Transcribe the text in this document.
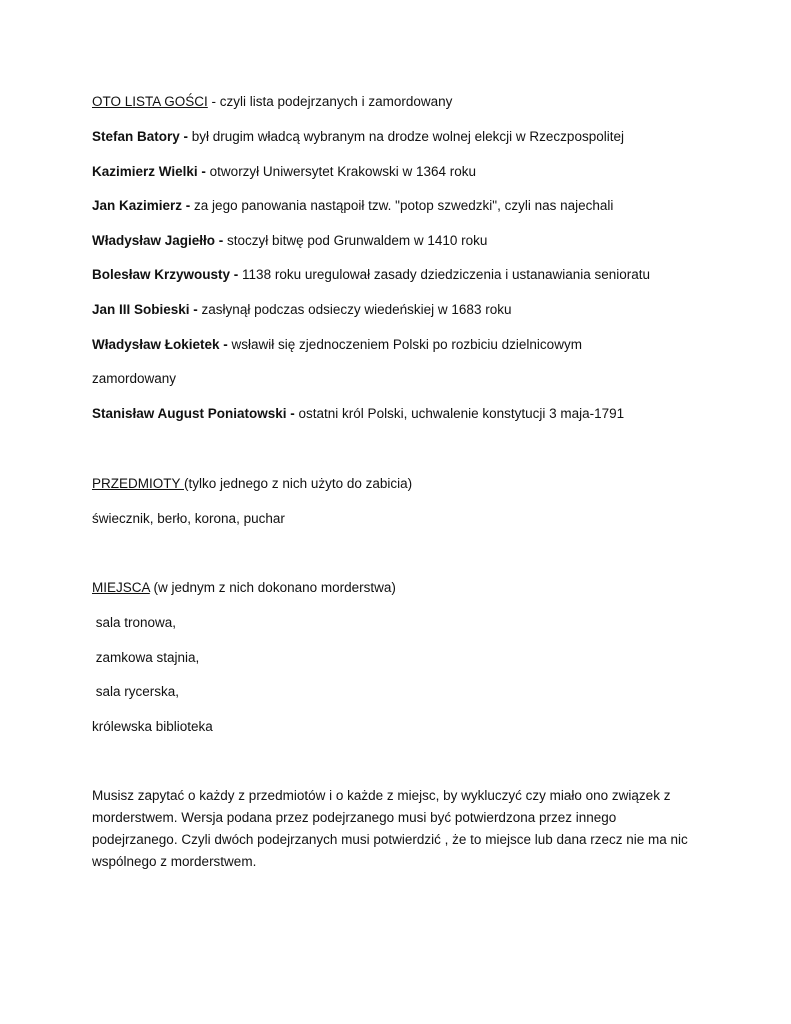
OTO LISTA GOŚCI - czyli lista podejrzanych i zamordowany
Stefan Batory - był drugim władcą wybranym na drodze wolnej elekcji w Rzeczpospolitej
Kazimierz Wielki - otworzył Uniwersytet Krakowski w 1364 roku
Jan Kazimierz - za jego panowania nastąpoił tzw. "potop szwedzki", czyli nas najechali
Władysław Jagiełło - stoczył bitwę pod Grunwaldem w 1410 roku
Bolesław Krzywousty - 1138 roku uregulował zasady dziedziczenia i ustanawiania senioratu
Jan III Sobieski - zasłynął podczas odsieczy wiedeńskiej w 1683 roku
Władysław Łokietek - wsławił się zjednoczeniem Polski po rozbiciu dzielnicowym
zamordowany
Stanisław August Poniatowski - ostatni król Polski, uchwalenie konstytucji 3 maja-1791
PRZEDMIOTY (tylko jednego z nich użyto do zabicia)
świecznik, berło, korona, puchar
MIEJSCA (w jednym z nich dokonano morderstwa)
sala tronowa,
zamkowa stajnia,
sala rycerska,
królewska biblioteka
Musisz zapytać o każdy z przedmiotów i o każde z miejsc, by wykluczyć czy miało ono związek z morderstwem. Wersja podana przez podejrzanego musi być potwierdzona przez innego podejrzanego. Czyli dwóch podejrzanych musi potwierdzić , że to miejsce lub dana rzecz nie ma nic wspólnego z morderstwem.
